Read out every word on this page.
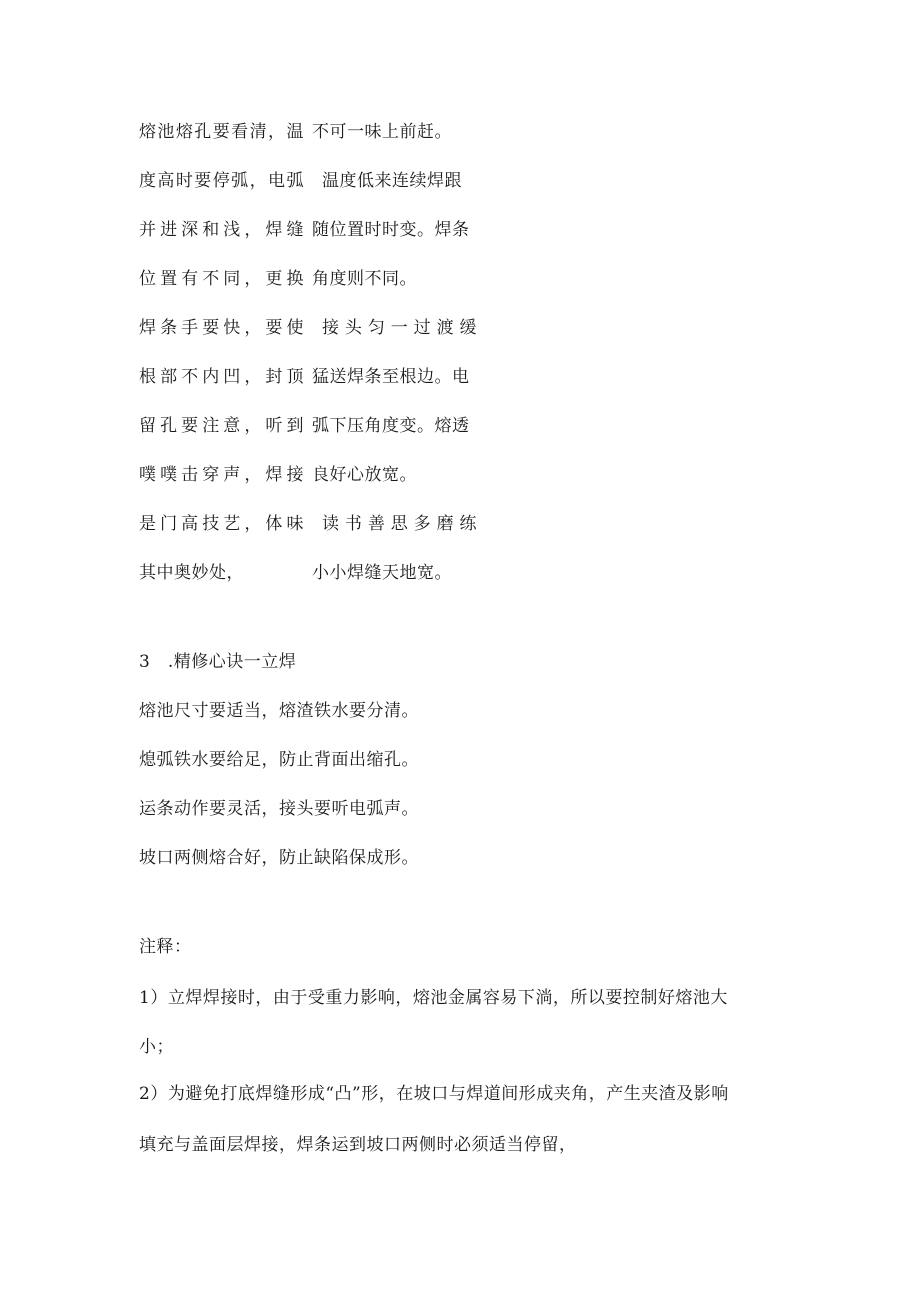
熔池熔孔要看清，温 不可一味上前赶。
度高时要停弧，电弧 温度低来连续焊跟
并进深和浅，焊缝 随位置时时变。焊条
位置有不同，更换 角度则不同。
焊条手要快，要使 接头匀一过渡缓
根部不内凹，封顶 猛送焊条至根边。电
留孔要注意，听到 弧下压角度变。熔透
噗噗击穿声，焊接 良好心放宽。
是门高技艺，体味 读书善思多磨练
其中奥妙处，	小小焊缝天地宽。
3　.精修心诀一立焊
熔池尺寸要适当，熔渣铁水要分清。
熄弧铁水要给足，防止背面出缩孔。
运条动作要灵活，接头要听电弧声。
坡口两侧熔合好，防止缺陷保成形。
注释：
1）立焊焊接时，由于受重力影响，熔池金属容易下淌，所以要控制好熔池大
小；
2）为避免打底焊缝形成“凸”形，在坡口与焊道间形成夹角，产生夹渣及影响
填充与盖面层焊接，焊条运到坡口两侧时必须适当停留，
